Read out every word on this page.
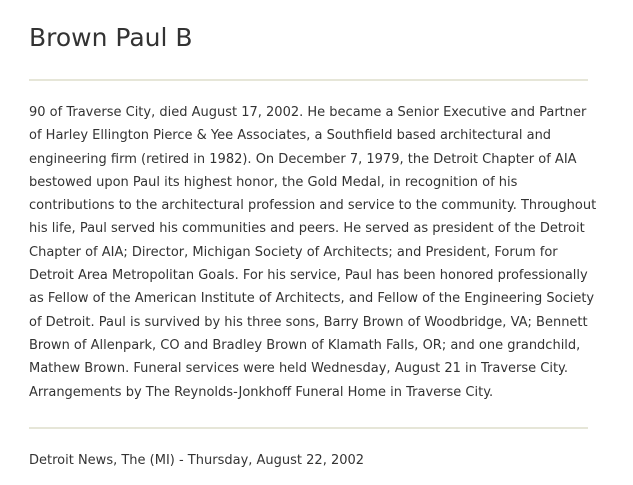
Brown Paul B
90 of Traverse City, died August 17, 2002. He became a Senior Executive and Partner
of Harley Ellington Pierce & Yee Associates, a Southfield based architectural and
engineering firm (retired in 1982). On December 7, 1979, the Detroit Chapter of AIA
bestowed upon Paul its highest honor, the Gold Medal, in recognition of his
contributions to the architectural profession and service to the community. Throughout
his life, Paul served his communities and peers. He served as president of the Detroit
Chapter of AIA; Director, Michigan Society of Architects; and President, Forum for
Detroit Area Metropolitan Goals. For his service, Paul has been honored professionally
as Fellow of the American Institute of Architects, and Fellow of the Engineering Society
of Detroit. Paul is survived by his three sons, Barry Brown of Woodbridge, VA; Bennett
Brown of Allenpark, CO and Bradley Brown of Klamath Falls, OR; and one grandchild,
Mathew Brown. Funeral services were held Wednesday, August 21 in Traverse City.
Arrangements by The Reynolds-Jonkhoff Funeral Home in Traverse City.

Detroit News, The (MI) - Thursday, August 22, 2002
